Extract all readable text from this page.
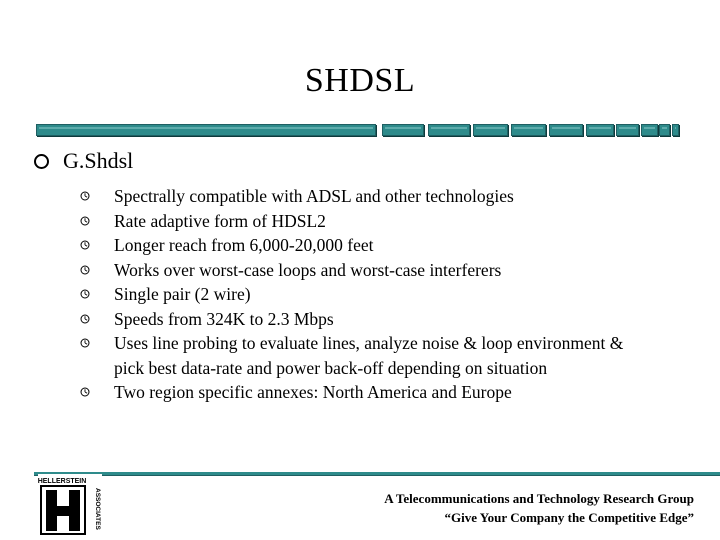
SHDSL
G.Shdsl
Spectrally compatible with ADSL and other technologies
Rate adaptive form of HDSL2
Longer reach from 6,000-20,000 feet
Works over worst-case loops and worst-case interferers
Single pair (2 wire)
Speeds from 324K to 2.3 Mbps
Uses line probing to evaluate lines, analyze noise & loop environment & pick best data-rate and power back-off depending on situation
Two region specific annexes: North America and Europe
HELLERSTEIN
ASSOCIATES	A Telecommunications and Technology Research Group
“Give Your Company the Competitive Edge”
